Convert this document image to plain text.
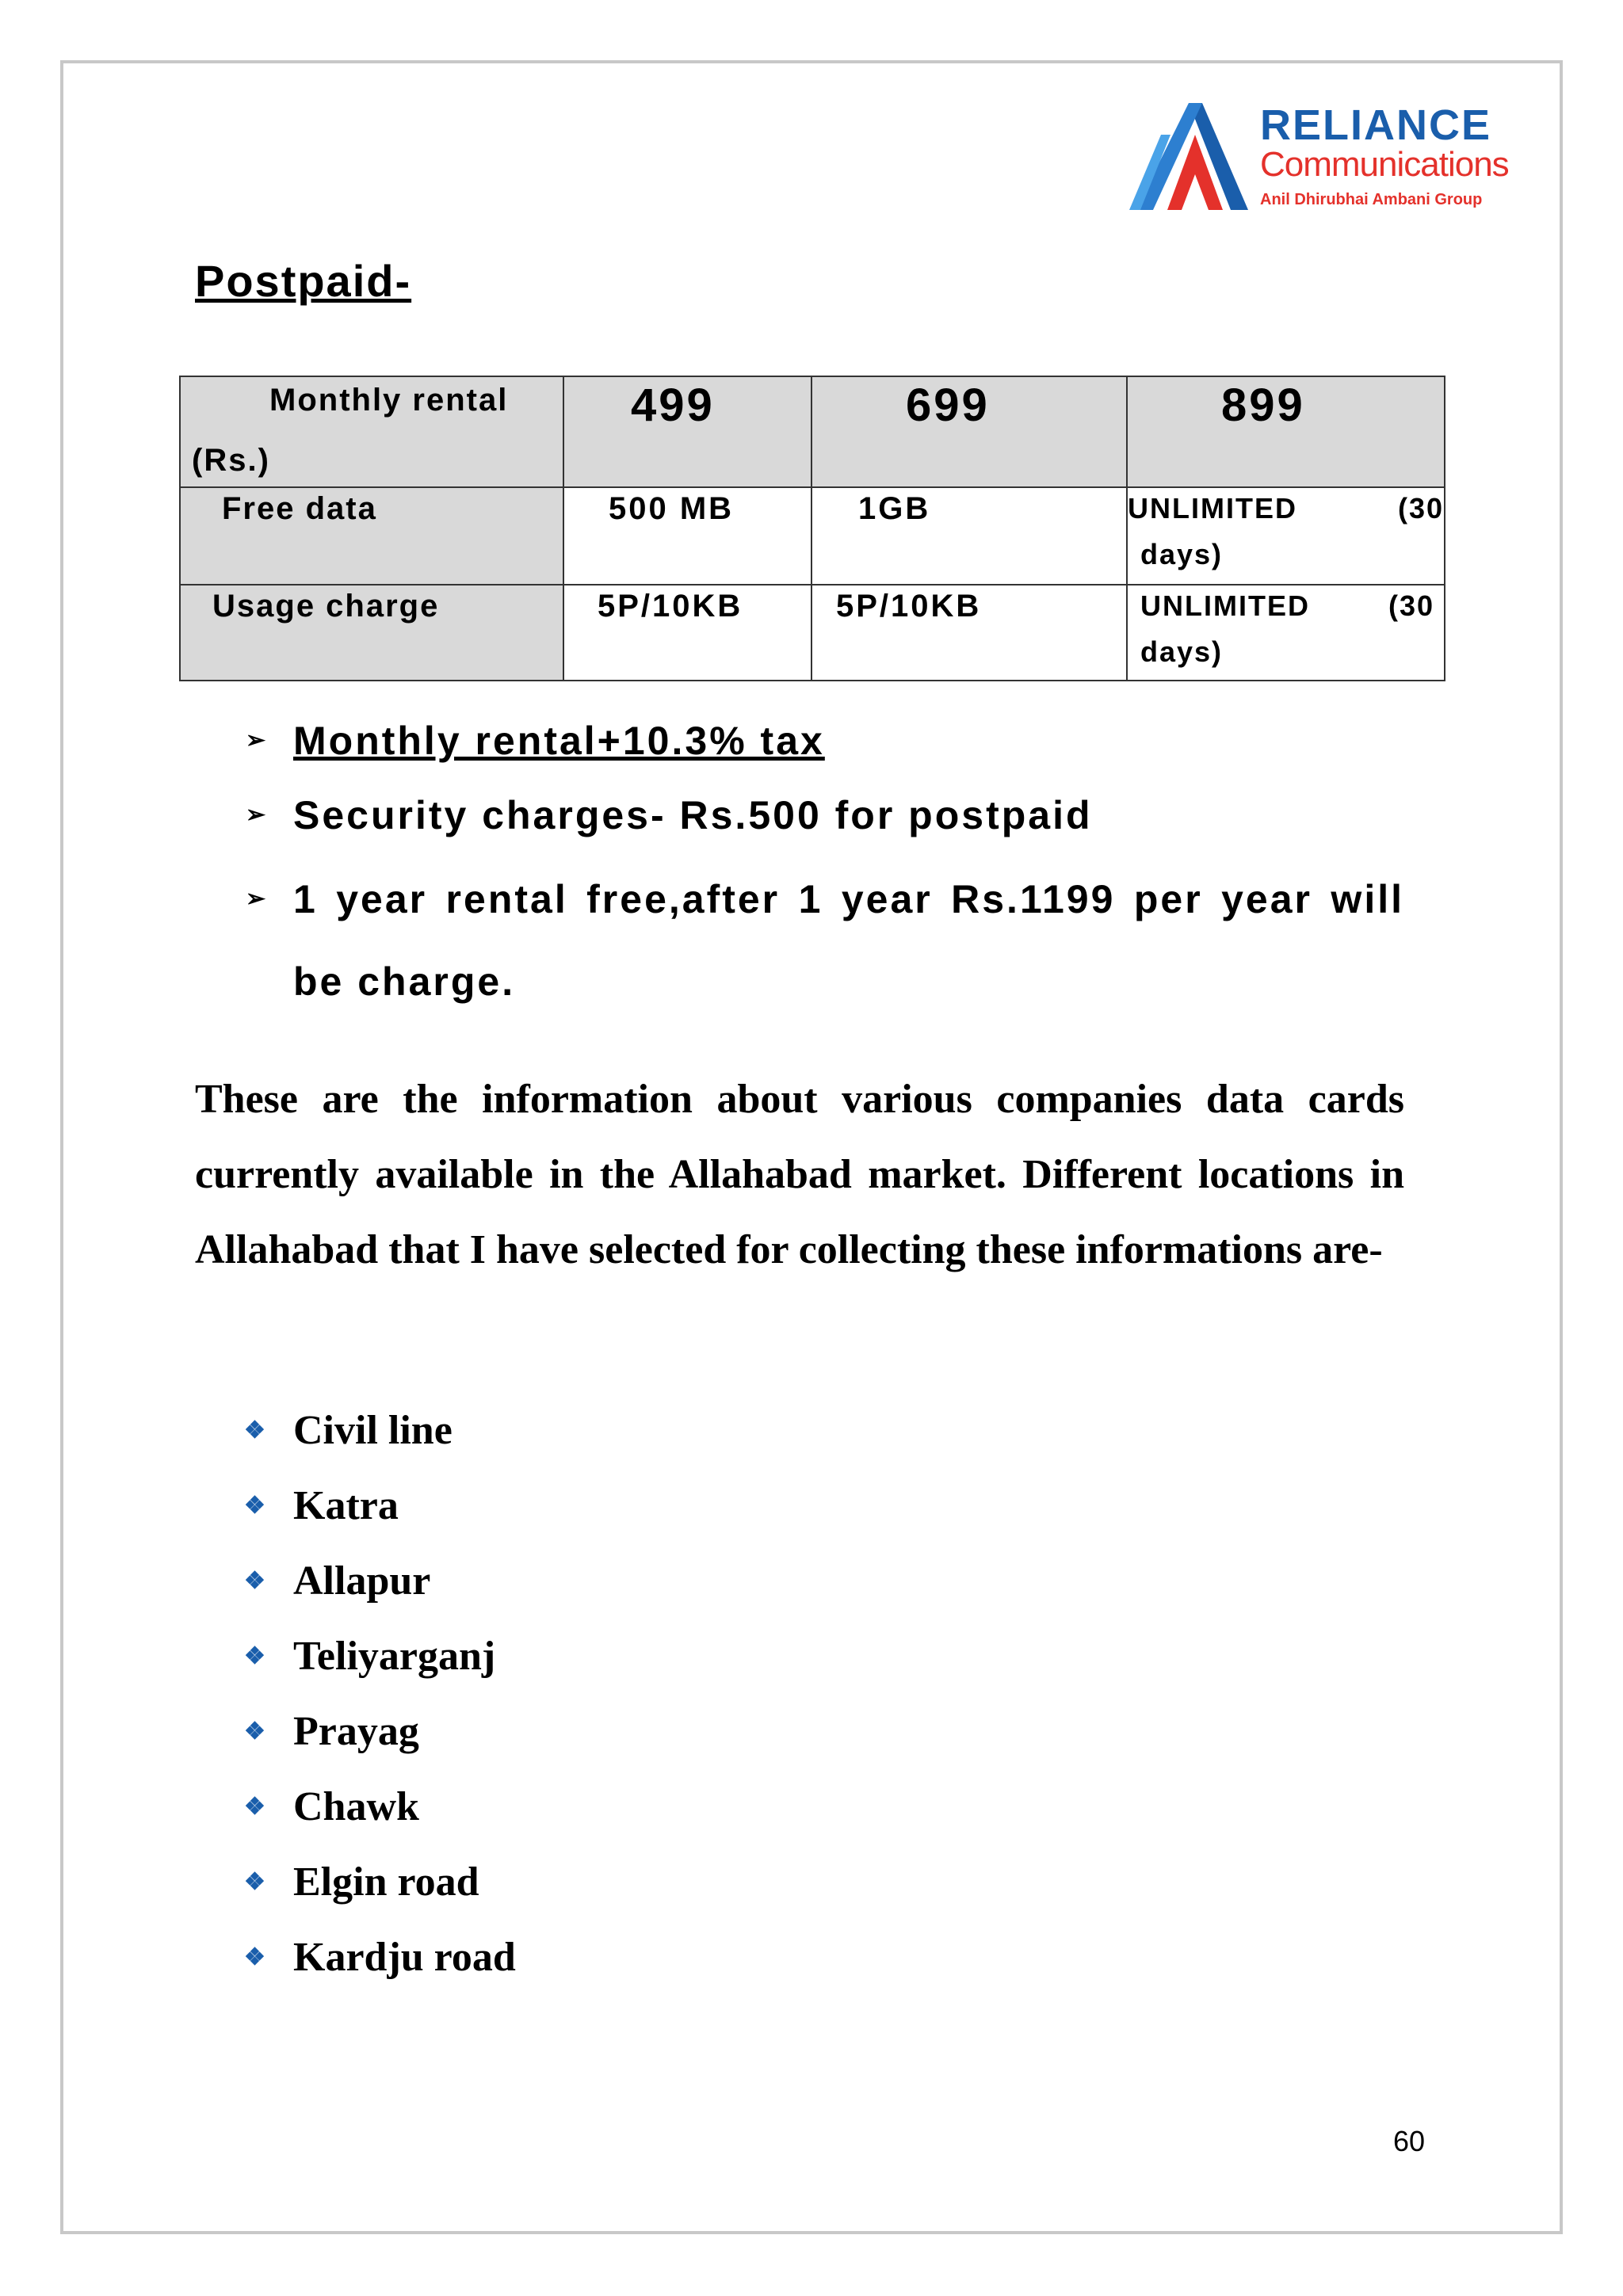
RELIANCE
Communications
Anil Dhirubhai Ambani Group
Postpaid-
Monthly rental
(Rs.)	499	699	899

Free data	500 MB	1GB	UNLIMITED (30
days)

Usage charge	5P/10KB	5P/10KB	UNLIMITED (30
days)
➢ Monthly rental+10.3% tax
➢ Security charges- Rs.500 for postpaid
➢ 1 year rental free,after 1 year Rs.1199 per year will be charge.
These are the information about various companies data cards currently available in the Allahabad market. Different locations in Allahabad that I have selected for collecting these informations are-
❖ Civil line
❖ Katra
❖ Allapur
❖ Teliyarganj
❖ Prayag
❖ Chawk
❖ Elgin road
❖ Kardju road
60
